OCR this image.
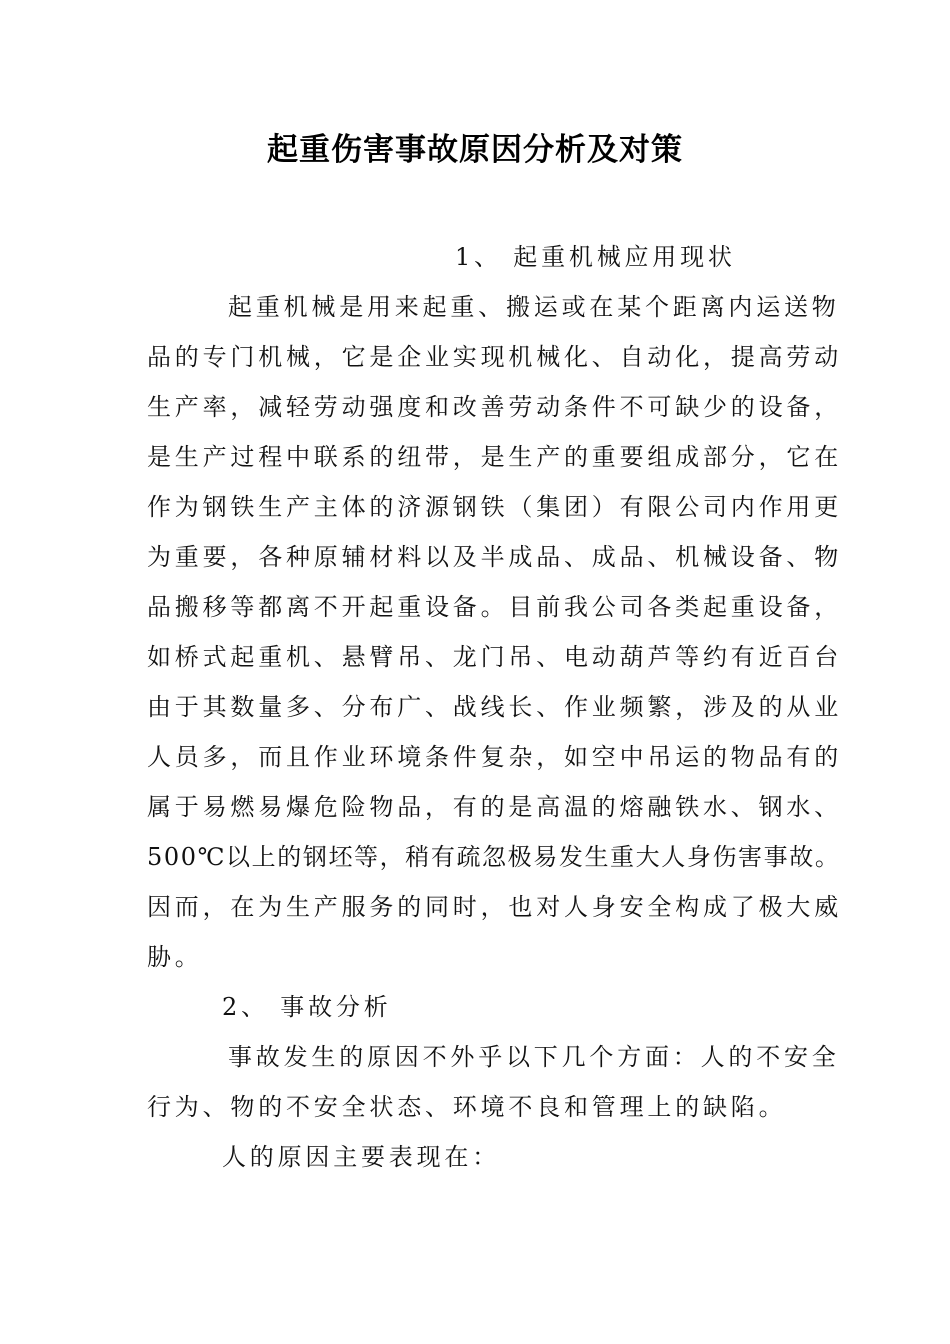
起重伤害事故原因分析及对策
1、 起重机械应用现状
起重机械是用来起重、搬运或在某个距离内运送物
品的专门机械，它是企业实现机械化、自动化，提高劳动
生产率，减轻劳动强度和改善劳动条件不可缺少的设备，
是生产过程中联系的纽带，是生产的重要组成部分，它在
作为钢铁生产主体的济源钢铁（集团）有限公司内作用更
为重要，各种原辅材料以及半成品、成品、机械设备、物
品搬移等都离不开起重设备。目前我公司各类起重设备，
如桥式起重机、悬臂吊、龙门吊、电动葫芦等约有近百台
由于其数量多、分布广、战线长、作业频繁，涉及的从业
人员多，而且作业环境条件复杂，如空中吊运的物品有的
属于易燃易爆危险物品，有的是高温的熔融铁水、钢水、
500℃以上的钢坯等，稍有疏忽极易发生重大人身伤害事故。
因而，在为生产服务的同时，也对人身安全构成了极大威
胁。
2、 事故分析
事故发生的原因不外乎以下几个方面：人的不安全
行为、物的不安全状态、环境不良和管理上的缺陷。
人的原因主要表现在：
